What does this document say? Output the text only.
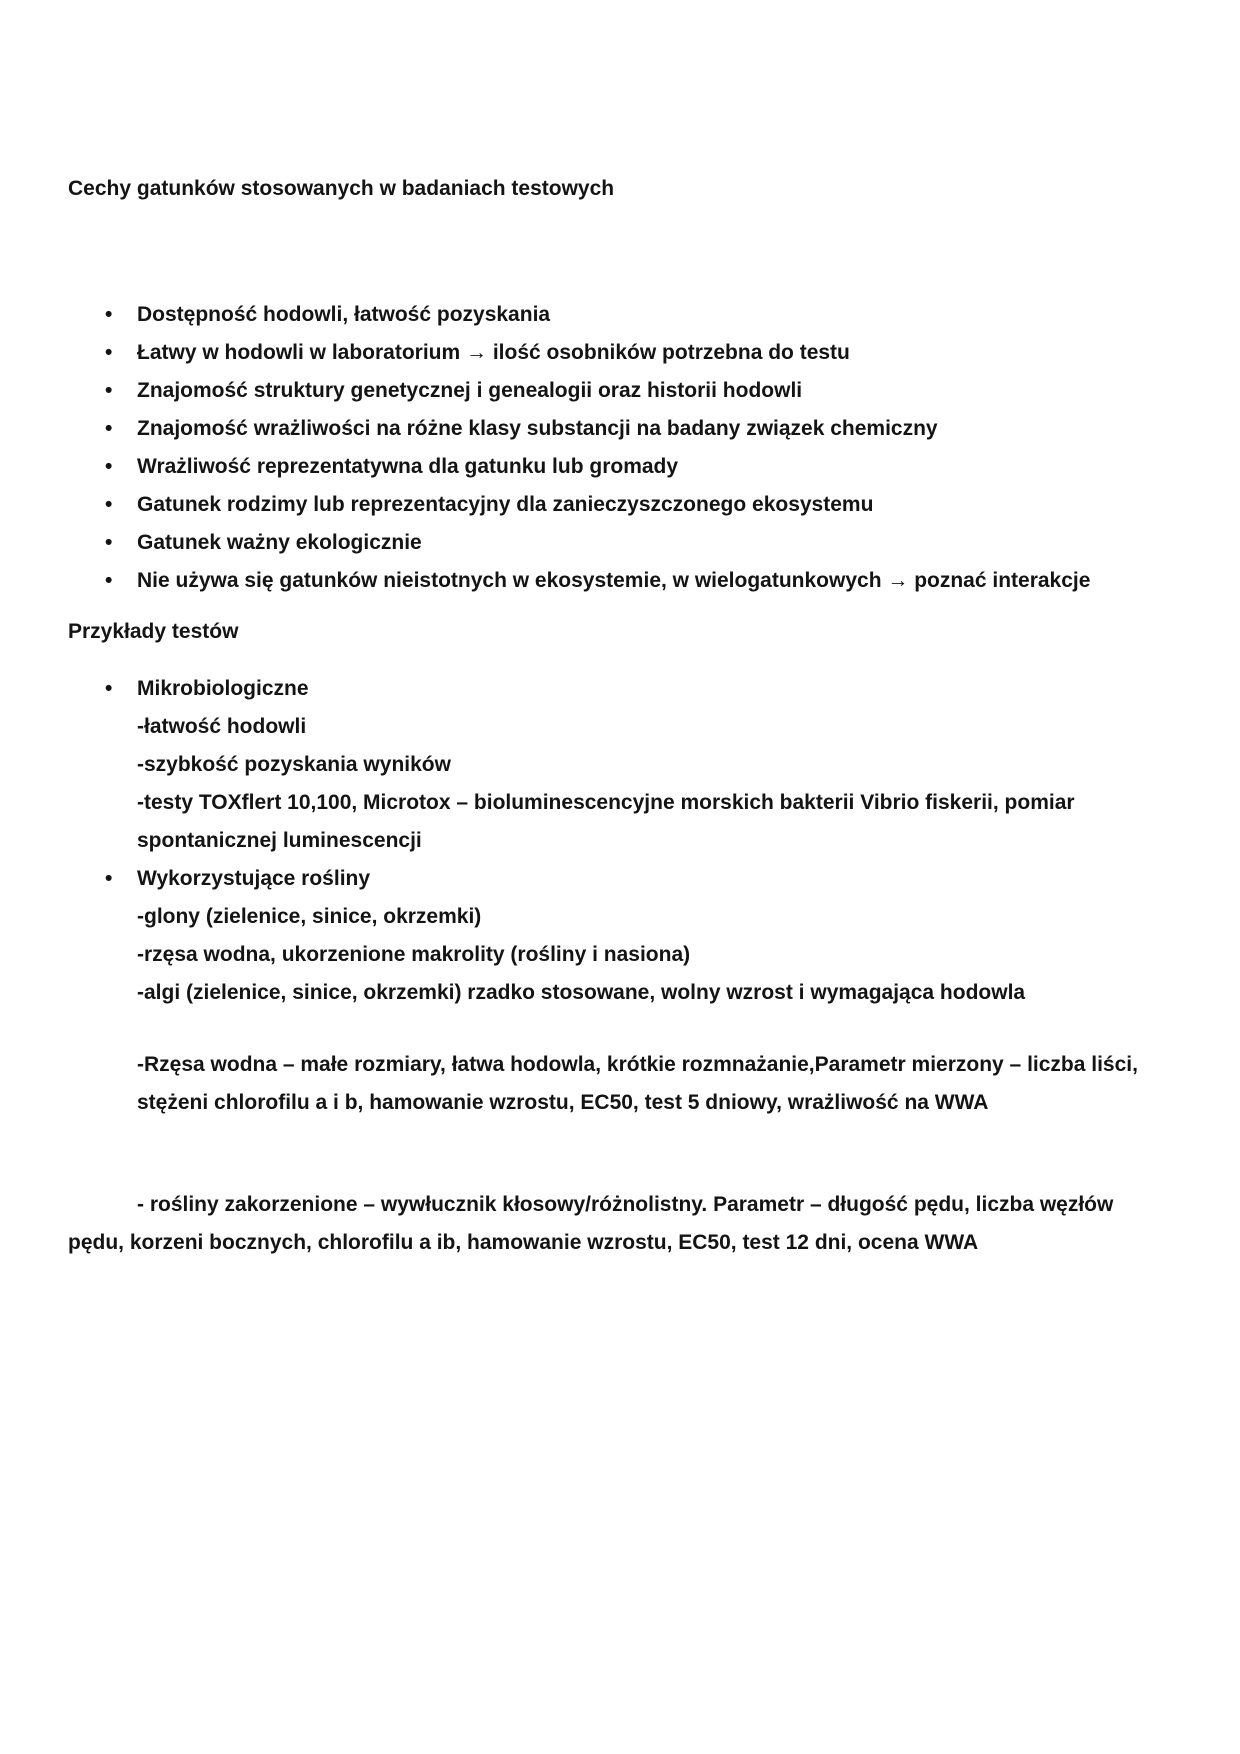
Cechy gatunków stosowanych w badaniach testowych
•	Dostępność hodowli, łatwość pozyskania
•	Łatwy w hodowli w laboratorium → ilość osobników potrzebna do testu
•	Znajomość struktury genetycznej i genealogii oraz historii hodowli
•	Znajomość wrażliwości na różne klasy substancji na badany związek chemiczny
•	Wrażliwość reprezentatywna dla gatunku lub gromady
•	Gatunek rodzimy lub reprezentacyjny dla zanieczyszczonego ekosystemu
•	Gatunek ważny ekologicznie
•	Nie używa się gatunków nieistotnych w ekosystemie, w wielogatunkowych → poznać interakcje

Przykłady testów

•	Mikrobiologiczne
-łatwość hodowli
-szybkość pozyskania wyników
-testy TOXflert 10,100, Microtox – bioluminescencyjne morskich bakterii Vibrio fiskerii, pomiar spontanicznej luminescencji
•	Wykorzystujące rośliny
-glony (zielenice, sinice, okrzemki)
-rzęsa wodna, ukorzenione makrolity (rośliny i nasiona)
-algi (zielenice, sinice, okrzemki) rzadko stosowane, wolny wzrost i wymagająca hodowla

-Rzęsa wodna – małe rozmiary, łatwa hodowla, krótkie rozmnażanie,Parametr mierzony – liczba liści, stężeni chlorofilu a i b, hamowanie wzrostu, EC50, test 5 dniowy, wrażliwość na WWA

- rośliny zakorzenione – wywłucznik kłosowy/różnolistny. Parametr – długość pędu, liczba węzłów pędu, korzeni bocznych, chlorofilu a ib, hamowanie wzrostu, EC50, test 12 dni, ocena WWA
